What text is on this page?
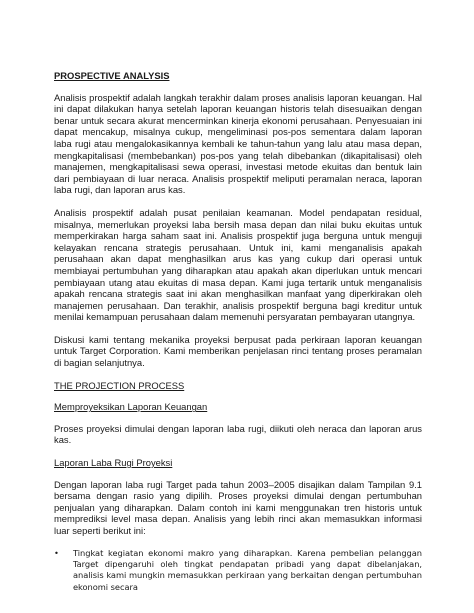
PROSPECTIVE ANALYSIS

Analisis prospektif adalah langkah terakhir dalam proses analisis laporan keuangan. Hal ini dapat dilakukan hanya setelah laporan keuangan historis telah disesuaikan dengan benar untuk secara akurat mencerminkan kinerja ekonomi perusahaan. Penyesuaian ini dapat mencakup, misalnya cukup, mengeliminasi pos-pos sementara dalam laporan laba rugi atau mengalokasikannya kembali ke tahun-tahun yang lalu atau masa depan, mengkapitalisasi (membebankan) pos-pos yang telah dibebankan (dikapitalisasi) oleh manajemen, mengkapitalisasi sewa operasi, investasi metode ekuitas dan bentuk lain dari pembiayaan di luar neraca. Analisis prospektif meliputi peramalan neraca, laporan laba rugi, dan laporan arus kas.

Analisis prospektif adalah pusat penilaian keamanan. Model pendapatan residual, misalnya, memerlukan proyeksi laba bersih masa depan dan nilai buku ekuitas untuk memperkirakan harga saham saat ini. Analisis prospektif juga berguna untuk menguji kelayakan rencana strategis perusahaan. Untuk ini, kami menganalisis apakah perusahaan akan dapat menghasilkan arus kas yang cukup dari operasi untuk membiayai pertumbuhan yang diharapkan atau apakah akan diperlukan untuk mencari pembiayaan utang atau ekuitas di masa depan. Kami juga tertarik untuk menganalisis apakah rencana strategis saat ini akan menghasilkan manfaat yang diperkirakan oleh manajemen perusahaan. Dan terakhir, analisis prospektif berguna bagi kreditur untuk menilai kemampuan perusahaan dalam memenuhi persyaratan pembayaran utangnya.

Diskusi kami tentang mekanika proyeksi berpusat pada perkiraan laporan keuangan untuk Target Corporation. Kami memberikan penjelasan rinci tentang proses peramalan di bagian selanjutnya.

THE PROJECTION PROCESS
Memproyeksikan Laporan Keuangan

Proses proyeksi dimulai dengan laporan laba rugi, diikuti oleh neraca dan laporan arus kas.

Laporan Laba Rugi Proyeksi

Dengan laporan laba rugi Target pada tahun 2003–2005 disajikan dalam Tampilan 9.1 bersama dengan rasio yang dipilih. Proses proyeksi dimulai dengan pertumbuhan penjualan yang diharapkan. Dalam contoh ini kami menggunakan tren historis untuk memprediksi level masa depan. Analisis yang lebih rinci akan memasukkan informasi luar seperti berikut ini:

• Tingkat kegiatan ekonomi makro yang diharapkan. Karena pembelian pelanggan Target dipengaruhi oleh tingkat pendapatan pribadi yang dapat dibelanjakan, analisis kami mungkin memasukkan perkiraan yang berkaitan dengan pertumbuhan ekonomi secara
